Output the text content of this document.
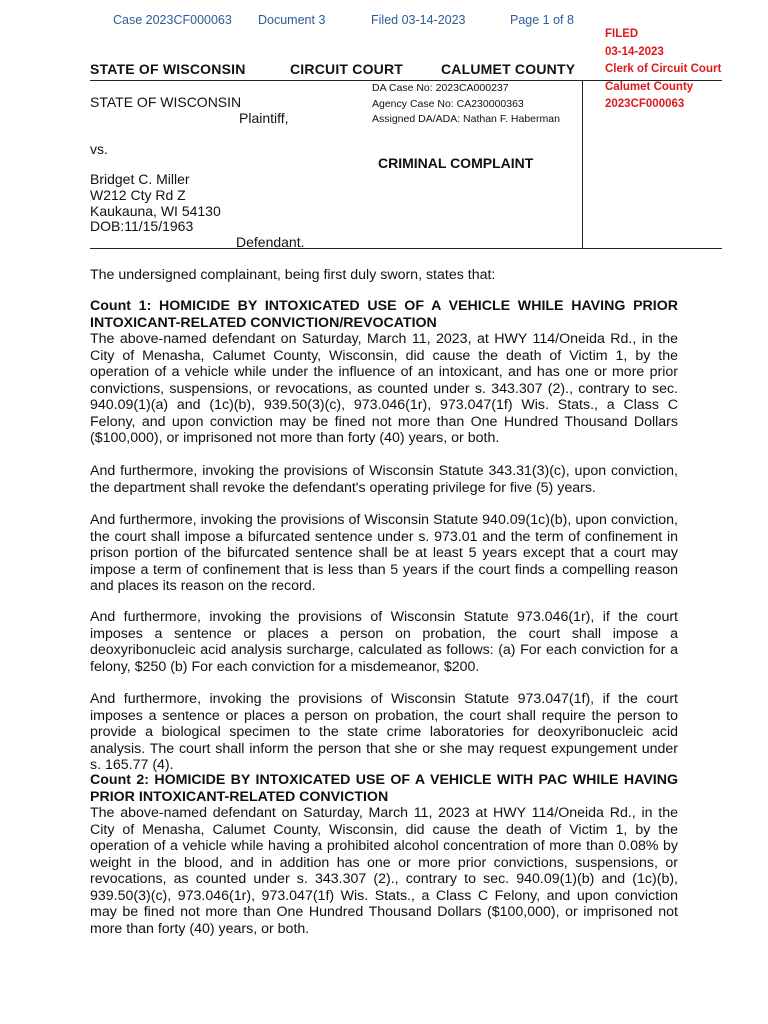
Case 2023CF000063 Document 3	Filed 03-14-2023	Page 1 of 8
FILED
03-14-2023
Clerk of Circuit Court
Calumet County
2023CF000063
STATE OF WISCONSIN	CIRCUIT COURT	CALUMET COUNTY
STATE OF WISCONSIN
Plaintiff,
vs.
Bridget C. Miller
W212 Cty Rd Z
Kaukauna, WI 54130
DOB:11/15/1963
Defendant.
DA Case No: 2023CA000237
Agency Case No: CA230000363
Assigned DA/ADA: Nathan F. Haberman
CRIMINAL COMPLAINT

The undersigned complainant, being first duly sworn, states that:

Count 1: HOMICIDE BY INTOXICATED USE OF A VEHICLE WHILE HAVING PRIOR INTOXICANT-RELATED CONVICTION/REVOCATION

The above-named defendant on Saturday, March 11, 2023, at HWY 114/Oneida Rd., in the City of Menasha, Calumet County, Wisconsin, did cause the death of Victim 1, by the operation of a vehicle while under the influence of an intoxicant, and has one or more prior convictions, suspensions, or revocations, as counted under s. 343.307 (2)., contrary to sec. 940.09(1)(a) and (1c)(b), 939.50(3)(c), 973.046(1r), 973.047(1f) Wis. Stats., a Class C Felony, and upon conviction may be fined not more than One Hundred Thousand Dollars ($100,000), or imprisoned not more than forty (40) years, or both.

And furthermore, invoking the provisions of Wisconsin Statute 343.31(3)(c), upon conviction, the department shall revoke the defendant's operating privilege for five (5) years.

And furthermore, invoking the provisions of Wisconsin Statute 940.09(1c)(b), upon conviction, the court shall impose a bifurcated sentence under s. 973.01 and the term of confinement in prison portion of the bifurcated sentence shall be at least 5 years except that a court may impose a term of confinement that is less than 5 years if the court finds a compelling reason and places its reason on the record.

And furthermore, invoking the provisions of Wisconsin Statute 973.046(1r), if the court imposes a sentence or places a person on probation, the court shall impose a deoxyribonucleic acid analysis surcharge, calculated as follows: (a) For each conviction for a felony, $250 (b) For each conviction for a misdemeanor, $200.

And furthermore, invoking the provisions of Wisconsin Statute 973.047(1f), if the court imposes a sentence or places a person on probation, the court shall require the person to provide a biological specimen to the state crime laboratories for deoxyribonucleic acid analysis. The court shall inform the person that she or she may request expungement under s. 165.77 (4).

Count 2: HOMICIDE BY INTOXICATED USE OF A VEHICLE WITH PAC WHILE HAVING PRIOR INTOXICANT-RELATED CONVICTION

The above-named defendant on Saturday, March 11, 2023 at HWY 114/Oneida Rd., in the City of Menasha, Calumet County, Wisconsin, did cause the death of Victim 1, by the operation of a vehicle while having a prohibited alcohol concentration of more than 0.08% by weight in the blood, and in addition has one or more prior convictions, suspensions, or revocations, as counted under s. 343.307 (2)., contrary to sec. 940.09(1)(b) and (1c)(b), 939.50(3)(c), 973.046(1r), 973.047(1f) Wis. Stats., a Class C Felony, and upon conviction may be fined not more than One Hundred Thousand Dollars ($100,000), or imprisoned not more than forty (40) years, or both.
